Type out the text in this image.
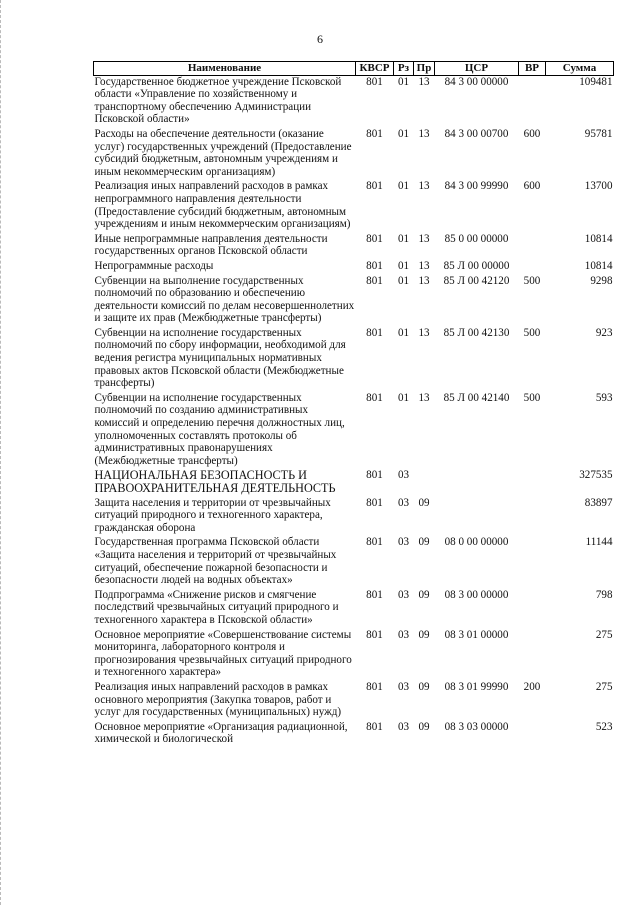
6
Наименование	КВСР	Рз	Пр	ЦСР	ВР	Сумма
Государственное бюджетное учреждение Псковской области «Управление по хозяйственному и транспортному обеспечению Администрации Псковской области»	801	01	13	84 3 00 00000		109481
Расходы на обеспечение деятельности (оказание услуг) государственных учреждений (Предоставление субсидий бюджетным, автономным учреждениям и иным некоммерческим организациям)	801	01	13	84 3 00 00700	600	95781
Реализация иных направлений расходов в рамках непрограммного направления деятельности (Предоставление субсидий бюджетным, автономным учреждениям и иным некоммерческим организациям)	801	01	13	84 3 00 99990	600	13700
Иные непрограммные направления деятельности государственных органов Псковской области	801	01	13	85 0 00 00000		10814
Непрограммные расходы	801	01	13	85 Л 00 00000		10814
Субвенции на выполнение государственных полномочий по образованию и обеспечению деятельности комиссий по делам несовершеннолетних и защите их прав (Межбюджетные трансферты)	801	01	13	85 Л 00 42120	500	9298
Субвенции на исполнение государственных полномочий по сбору информации, необходимой для ведения регистра муниципальных нормативных правовых актов Псковской области (Межбюджетные трансферты)	801	01	13	85 Л 00 42130	500	923
Субвенции на исполнение государственных полномочий по созданию административных комиссий и определению перечня должностных лиц, уполномоченных составлять протоколы об административных правонарушениях (Межбюджетные трансферты)	801	01	13	85 Л 00 42140	500	593
НАЦИОНАЛЬНАЯ БЕЗОПАСНОСТЬ И ПРАВООХРАНИТЕЛЬНАЯ ДЕЯТЕЛЬНОСТЬ	801	03				327535
Защита населения и территории от чрезвычайных ситуаций природного и техногенного характера, гражданская оборона	801	03	09			83897
Государственная программа Псковской области «Защита населения и территорий от чрезвычайных ситуаций, обеспечение пожарной безопасности и безопасности людей на водных объектах»	801	03	09	08 0 00 00000		11144
Подпрограмма «Снижение рисков и смягчение последствий чрезвычайных ситуаций природного и техногенного характера в Псковской области»	801	03	09	08 3 00 00000		798
Основное мероприятие «Совершенствование системы мониторинга, лабораторного контроля и прогнозирования чрезвычайных ситуаций природного и техногенного характера»	801	03	09	08 3 01 00000		275
Реализация иных направлений расходов в рамках основного мероприятия (Закупка товаров, работ и услуг для государственных (муниципальных) нужд)	801	03	09	08 3 01 99990	200	275
Основное мероприятие «Организация радиационной, химической и биологической	801	03	09	08 3 03 00000		523
